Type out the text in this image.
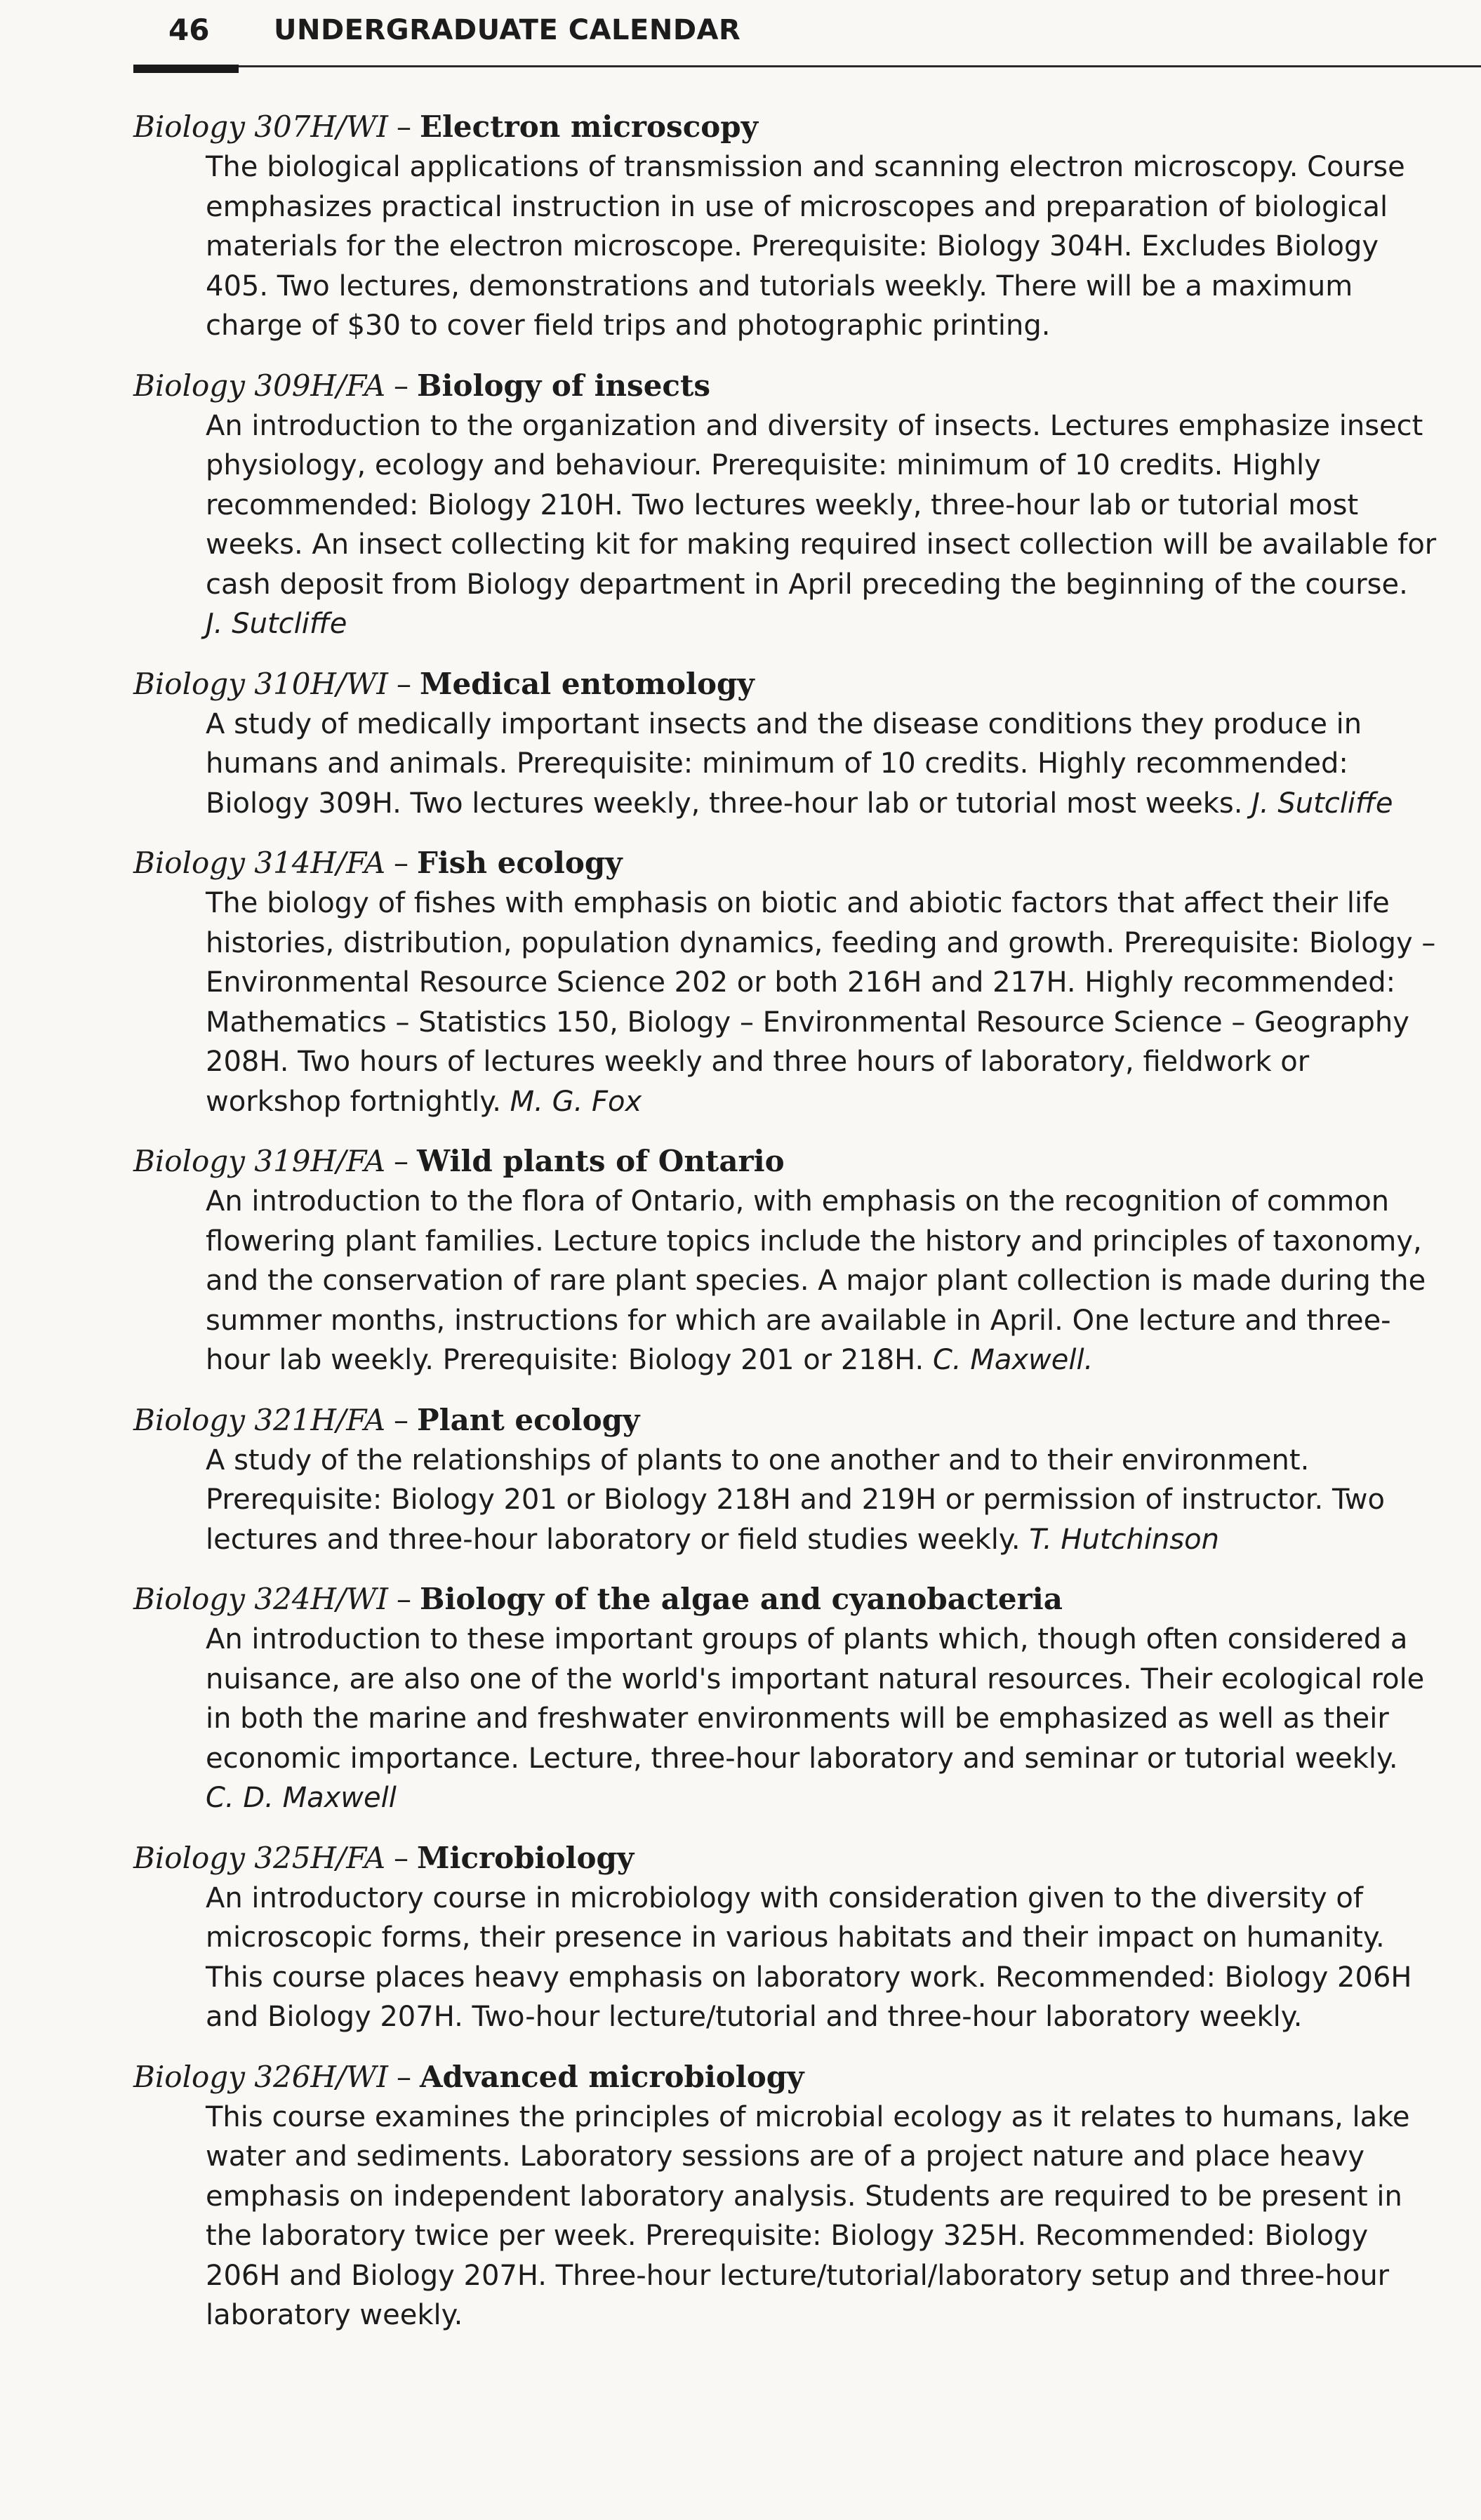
46 UNDERGRADUATE CALENDAR
Biology 307H/WI – Electron microscopy

The biological applications of transmission and scanning electron microscopy. Course emphasizes practical instruction in use of microscopes and preparation of biological materials for the electron microscope. Prerequisite: Biology 304H. Excludes Biology 405. Two lectures, demonstrations and tutorials weekly. There will be a maximum charge of $30 to cover field trips and photographic printing.

Biology 309H/FA – Biology of insects

An introduction to the organization and diversity of insects. Lectures emphasize insect physiology, ecology and behaviour. Prerequisite: minimum of 10 credits. Highly recommended: Biology 210H. Two lectures weekly, three-hour lab or tutorial most weeks. An insect collecting kit for making required insect collection will be available for cash deposit from Biology department in April preceding the beginning of the course.

J. Sutcliffe

Biology 310H/WI – Medical entomology

A study of medically important insects and the disease conditions they produce in humans and animals. Prerequisite: minimum of 10 credits. Highly recommended: Biology 309H. Two lectures weekly, three-hour lab or tutorial most weeks. J. Sutcliffe

Biology 314H/FA – Fish ecology

The biology of fishes with emphasis on biotic and abiotic factors that affect their life histories, distribution, population dynamics, feeding and growth. Prerequisite: Biology – Environmental Resource Science 202 or both 216H and 217H. Highly recommended: Mathematics – Statistics 150, Biology – Environmental Resource Science – Geography 208H. Two hours of lectures weekly and three hours of laboratory, fieldwork or workshop fortnightly. M. G. Fox

Biology 319H/FA – Wild plants of Ontario

An introduction to the flora of Ontario, with emphasis on the recognition of common flowering plant families. Lecture topics include the history and principles of taxonomy, and the conservation of rare plant species. A major plant collection is made during the summer months, instructions for which are available in April. One lecture and three-hour lab weekly. Prerequisite: Biology 201 or 218H. C. Maxwell.

Biology 321H/FA – Plant ecology

A study of the relationships of plants to one another and to their environment. Prerequisite: Biology 201 or Biology 218H and 219H or permission of instructor. Two lectures and three-hour laboratory or field studies weekly. T. Hutchinson

Biology 324H/WI – Biology of the algae and cyanobacteria

An introduction to these important groups of plants which, though often considered a nuisance, are also one of the world's important natural resources. Their ecological role in both the marine and freshwater environments will be emphasized as well as their economic importance. Lecture, three-hour laboratory and seminar or tutorial weekly.

C. D. Maxwell

Biology 325H/FA – Microbiology

An introductory course in microbiology with consideration given to the diversity of microscopic forms, their presence in various habitats and their impact on humanity. This course places heavy emphasis on laboratory work. Recommended: Biology 206H and Biology 207H. Two-hour lecture/tutorial and three-hour laboratory weekly.

Biology 326H/WI – Advanced microbiology

This course examines the principles of microbial ecology as it relates to humans, lake water and sediments. Laboratory sessions are of a project nature and place heavy emphasis on independent laboratory analysis. Students are required to be present in the laboratory twice per week. Prerequisite: Biology 325H. Recommended: Biology 206H and Biology 207H. Three-hour lecture/tutorial/laboratory setup and three-hour laboratory weekly.
